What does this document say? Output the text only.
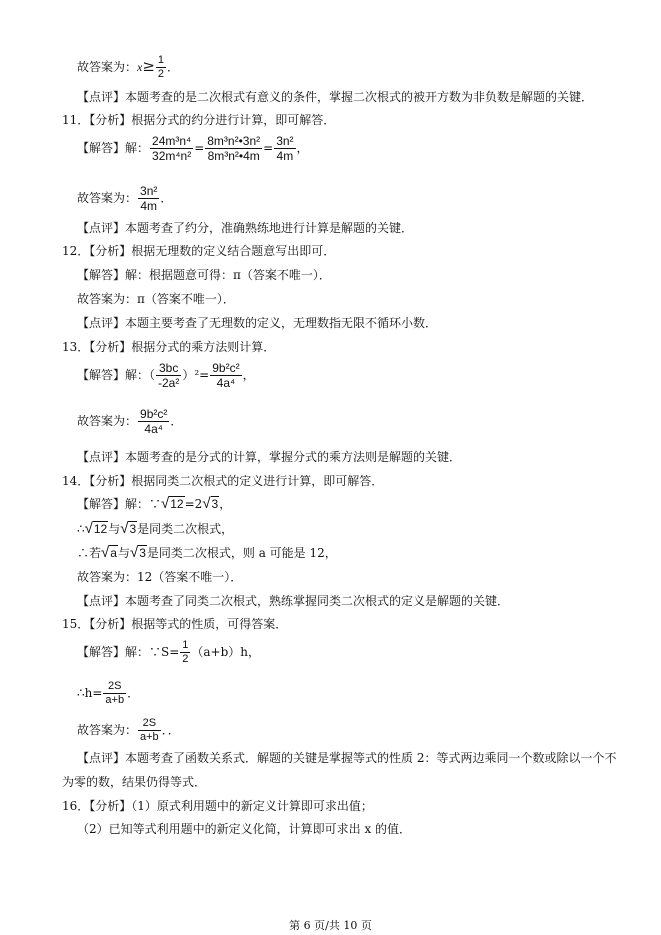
故答案为：$x\ge \frac{1}{2}$ ．
【点评】本题考查的是二次根式有意义的条件，掌握二次根式的被开方数为非负数是解题的关键．
11．【分析】根据分式的约分进行计算，即可解答．
【解答】解： $\frac{\text{24m³n⁴}}{\text{32m⁴n²}} = \frac{\text{8m³n²•3n²}}{\text{8m³n²•4m}} = \frac{\text{3n²}}{4m}$ ，
故答案为： $\frac{\text{3n²}}{4m}$ ．
【点评】本题考查了约分，准确熟练地进行计算是解题的关键．
12．【分析】根据无理数的定义结合题意写出即可．
【解答】解：根据题意可得：π（答案不唯一）．
故答案为：π（答案不唯一）．
【点评】本题主要考查了无理数的定义，无理数指无限不循环小数．
13．【分析】根据分式的乘方法则计算．
【解答】解：（ $\frac{3bc}{\text{-2a²}} )^2= \frac{\text{9b²c²}}{\text{4a⁴}}$ ，
故答案为： $\frac{\text{9b²c²}}{\text{4a⁴}}$ ．
【点评】本题考查的是分式的计算，掌握分式的乘方法则是解题的关键．
14．【分析】根据同类二次根式的定义进行计算，即可解答．
【解答】解：∵√12=2√3，
∴√12与√3是同类二次根式，
∴若√a与√3是同类二次根式，则 a 可能是 12，
故答案为：12（答案不唯一）．
【点评】本题考查了同类二次根式，熟练掌握同类二次根式的定义是解题的关键．
15．【分析】根据等式的性质，可得答案．
【解答】解：∵S= $\frac{1}{2} (a+b)h$，
∴h= $\frac{2S}{a+b}$ ．
故答案为： $\frac{2S}{a+b}$ ．．
【点评】本题考查了函数关系式．解题的关键是掌握等式的性质 2：等式两边乘同一个数或除以一个不
为零的数，结果仍得等式．
16．【分析】（1）原式利用题中的新定义计算即可求出值；
（2）已知等式利用题中的新定义化简，计算即可求出 x 的值．
第 6 页/共 10 页
